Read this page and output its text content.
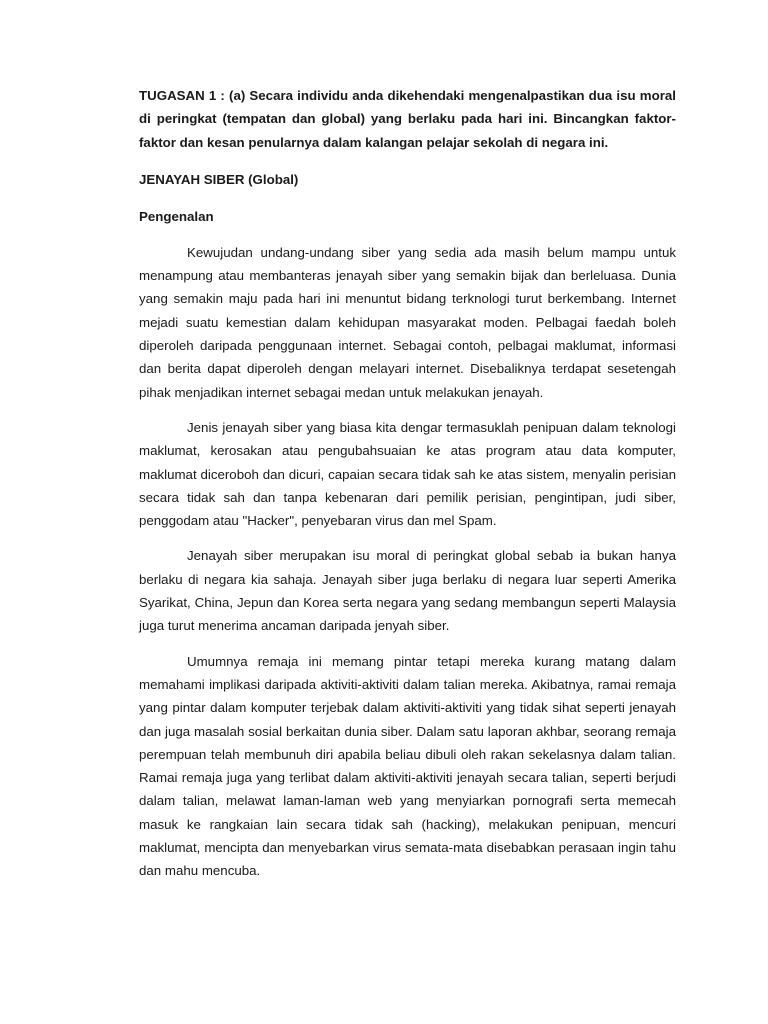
TUGASAN 1 : (a) Secara individu anda dikehendaki mengenalpastikan dua isu moral di peringkat (tempatan dan global) yang berlaku pada hari ini. Bincangkan faktor-faktor dan kesan penularnya dalam kalangan pelajar sekolah di negara ini.

JENAYAH SIBER (Global)

Pengenalan

Kewujudan undang-undang siber yang sedia ada masih belum mampu untuk menampung atau membanteras jenayah siber yang semakin bijak dan berleluasa. Dunia yang semakin maju pada hari ini menuntut bidang terknologi turut berkembang. Internet mejadi suatu kemestian dalam kehidupan masyarakat moden. Pelbagai faedah boleh diperoleh daripada penggunaan internet. Sebagai contoh, pelbagai maklumat, informasi dan berita dapat diperoleh dengan melayari internet. Disebaliknya terdapat sesetengah pihak menjadikan internet sebagai medan untuk melakukan jenayah.

Jenis jenayah siber yang biasa kita dengar termasuklah penipuan dalam teknologi maklumat, kerosakan atau pengubahsuaian ke atas program atau data komputer, maklumat diceroboh dan dicuri, capaian secara tidak sah ke atas sistem, menyalin perisian secara tidak sah dan tanpa kebenaran dari pemilik perisian, pengintipan, judi siber, penggodam atau "Hacker", penyebaran virus dan mel Spam.

Jenayah siber merupakan isu moral di peringkat global sebab ia bukan hanya berlaku di negara kia sahaja. Jenayah siber juga berlaku di negara luar seperti Amerika Syarikat, China, Jepun dan Korea serta negara yang sedang membangun seperti Malaysia juga turut menerima ancaman daripada jenyah siber.

Umumnya remaja ini memang pintar tetapi mereka kurang matang dalam memahami implikasi daripada aktiviti-aktiviti dalam talian mereka. Akibatnya, ramai remaja yang pintar dalam komputer terjebak dalam aktiviti-aktiviti yang tidak sihat seperti jenayah dan juga masalah sosial berkaitan dunia siber. Dalam satu laporan akhbar, seorang remaja perempuan telah membunuh diri apabila beliau dibuli oleh rakan sekelasnya dalam talian. Ramai remaja juga yang terlibat dalam aktiviti-aktiviti jenayah secara talian, seperti berjudi dalam talian, melawat laman-laman web yang menyiarkan pornografi serta memecah masuk ke rangkaian lain secara tidak sah (hacking), melakukan penipuan, mencuri maklumat, mencipta dan menyebarkan virus semata-mata disebabkan perasaan ingin tahu dan mahu mencuba.
